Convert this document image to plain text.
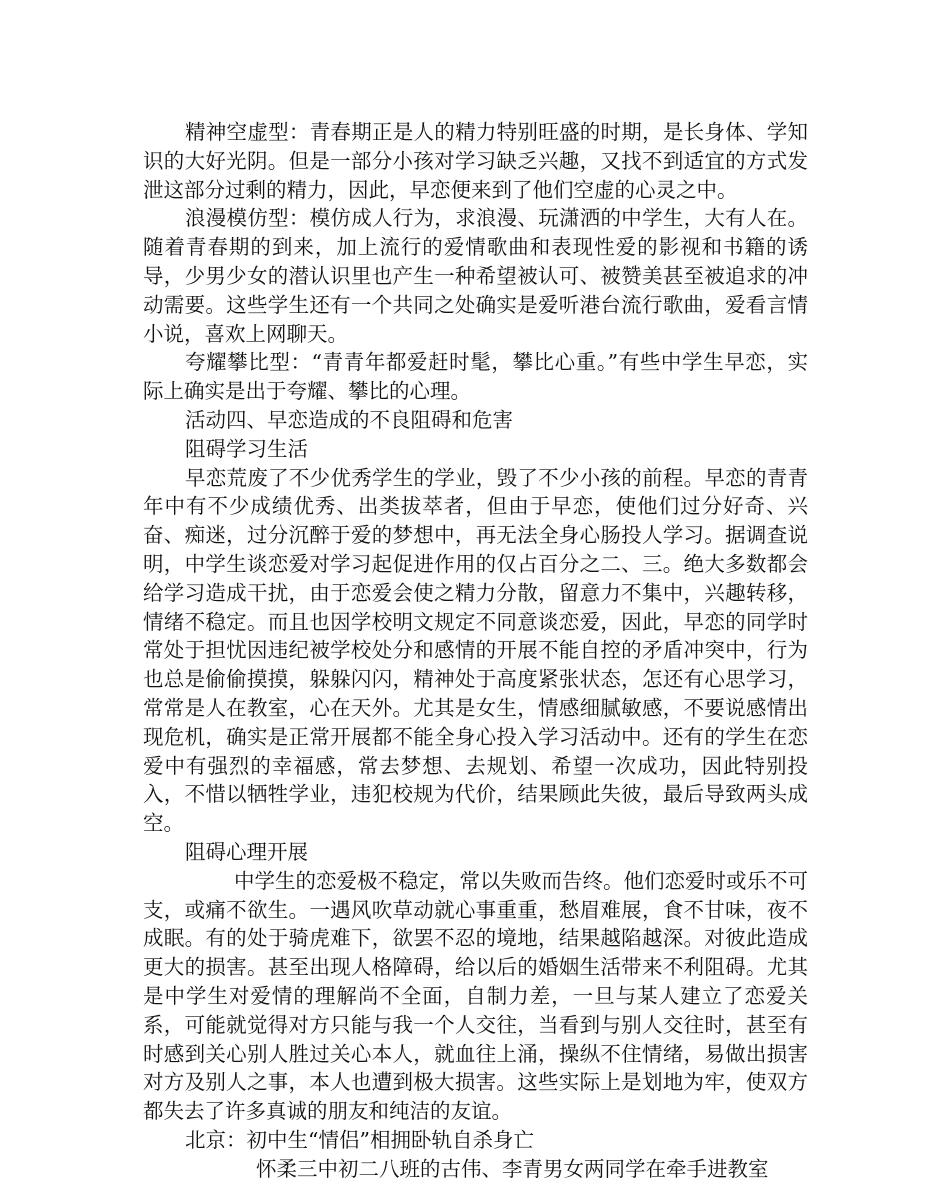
精神空虚型：青春期正是人的精力特别旺盛的时期，是长身体、学知识的大好光阴。但是一部分小孩对学习缺乏兴趣，又找不到适宜的方式发泄这部分过剩的精力，因此，早恋便来到了他们空虚的心灵之中。

浪漫模仿型：模仿成人行为，求浪漫、玩潇洒的中学生，大有人在。随着青春期的到来，加上流行的爱情歌曲和表现性爱的影视和书籍的诱导，少男少女的潜认识里也产生一种希望被认可、被赞美甚至被追求的冲动需要。这些学生还有一个共同之处确实是爱听港台流行歌曲，爱看言情小说，喜欢上网聊天。

夸耀攀比型：“青青年都爱赶时髦，攀比心重。”有些中学生早恋，实际上确实是出于夸耀、攀比的心理。

活动四、早恋造成的不良阻碍和危害

阻碍学习生活

早恋荒废了不少优秀学生的学业，毁了不少小孩的前程。早恋的青青年中有不少成绩优秀、出类拔萃者，但由于早恋，使他们过分好奇、兴奋、痴迷，过分沉醉于爱的梦想中，再无法全身心肠投人学习。据调查说明，中学生谈恋爱对学习起促进作用的仅占百分之二、三。绝大多数都会给学习造成干扰，由于恋爱会使之精力分散，留意力不集中，兴趣转移，情绪不稳定。而且也因学校明文规定不同意谈恋爱，因此，早恋的同学时常处于担忧因违纪被学校处分和感情的开展不能自控的矛盾冲突中，行为也总是偷偷摸摸，躲躲闪闪，精神处于高度紧张状态，怎还有心思学习，常常是人在教室，心在天外。尤其是女生，情感细腻敏感，不要说感情出现危机，确实是正常开展都不能全身心投入学习活动中。还有的学生在恋爱中有强烈的幸福感，常去梦想、去规划、希望一次成功，因此特别投入，不惜以牺牲学业，违犯校规为代价，结果顾此失彼，最后导致两头成空。

阻碍心理开展

中学生的恋爱极不稳定，常以失败而告终。他们恋爱时或乐不可支，或痛不欲生。一遇风吹草动就心事重重，愁眉难展，食不甘味，夜不成眠。有的处于骑虎难下，欲罢不忍的境地，结果越陷越深。对彼此造成更大的损害。甚至出现人格障碍，给以后的婚姻生活带来不利阻碍。尤其是中学生对爱情的理解尚不全面，自制力差，一旦与某人建立了恋爱关系，可能就觉得对方只能与我一个人交往，当看到与别人交往时，甚至有时感到关心别人胜过关心本人，就血往上涌，操纵不住情绪，易做出损害对方及别人之事，本人也遭到极大损害。这些实际上是划地为牢，使双方都失去了许多真诚的朋友和纯洁的友谊。

北京：初中生“情侣”相拥卧轨自杀身亡

怀柔三中初二八班的古伟、李青男女两同学在牵手进教室
